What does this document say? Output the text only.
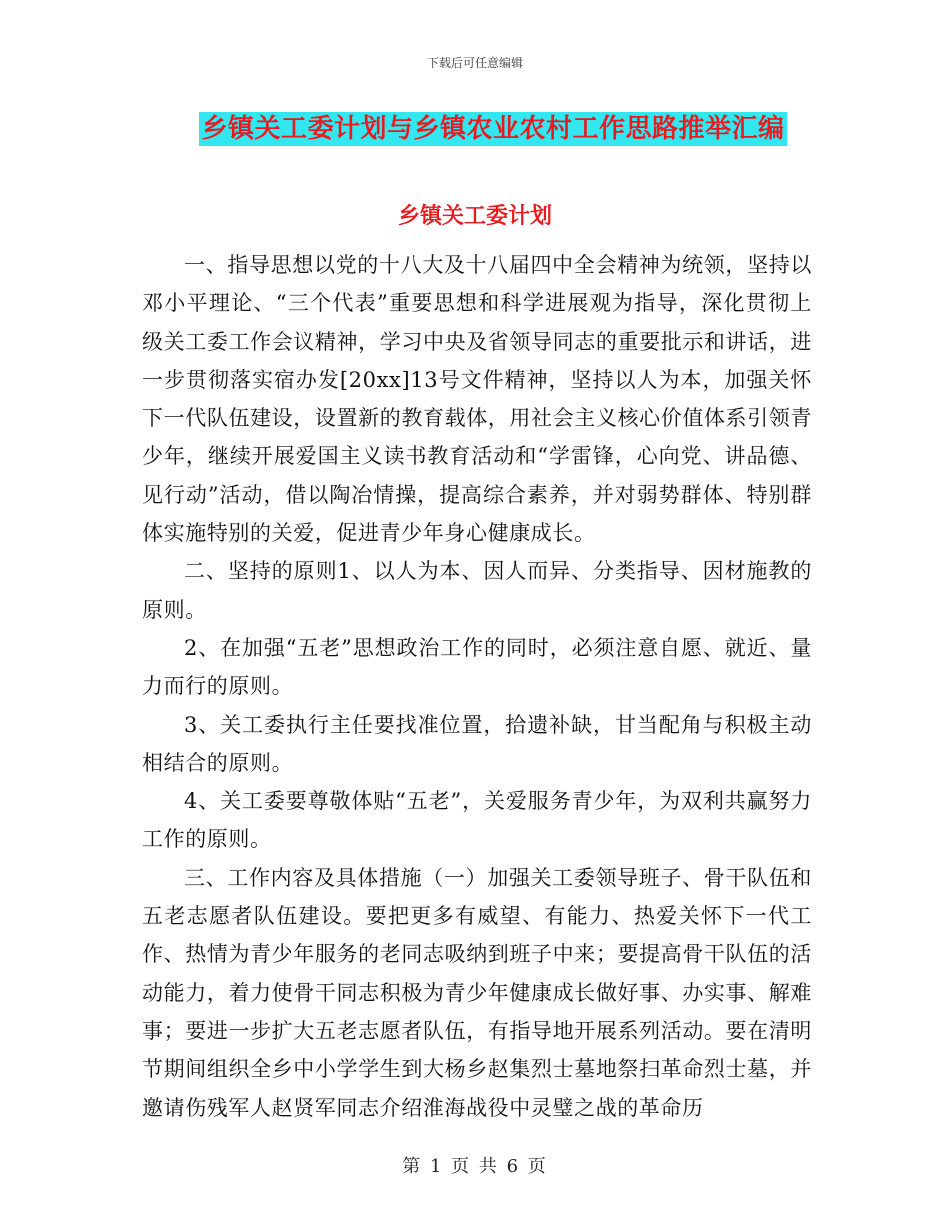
下载后可任意编辑
乡镇关工委计划与乡镇农业农村工作思路推举汇编
乡镇关工委计划

一、指导思想以党的十八大及十八届四中全会精神为统领，坚持以邓小平理论、“三个代表”重要思想和科学进展观为指导，深化贯彻上级关工委工作会议精神，学习中央及省领导同志的重要批示和讲话，进一步贯彻落实宿办发[20xx]13号文件精神，坚持以人为本，加强关怀下一代队伍建设，设置新的教育载体，用社会主义核心价值体系引领青少年，继续开展爱国主义读书教育活动和“学雷锋，心向党、讲品德、见行动”活动，借以陶冶情操，提高综合素养，并对弱势群体、特别群体实施特别的关爱，促进青少年身心健康成长。

二、坚持的原则1、以人为本、因人而异、分类指导、因材施教的原则。

2、在加强“五老”思想政治工作的同时，必须注意自愿、就近、量力而行的原则。

3、关工委执行主任要找准位置，拾遗补缺，甘当配角与积极主动相结合的原则。

4、关工委要尊敬体贴“五老”，关爱服务青少年，为双利共赢努力工作的原则。

三、工作内容及具体措施（一）加强关工委领导班子、骨干队伍和五老志愿者队伍建设。要把更多有威望、有能力、热爱关怀下一代工作、热情为青少年服务的老同志吸纳到班子中来；要提高骨干队伍的活动能力，着力使骨干同志积极为青少年健康成长做好事、办实事、解难事；要进一步扩大五老志愿者队伍，有指导地开展系列活动。要在清明节期间组织全乡中小学学生到大杨乡赵集烈士墓地祭扫革命烈士墓，并邀请伤残军人赵贤军同志介绍淮海战役中灵璧之战的革命历

第 1 页 共 6 页
